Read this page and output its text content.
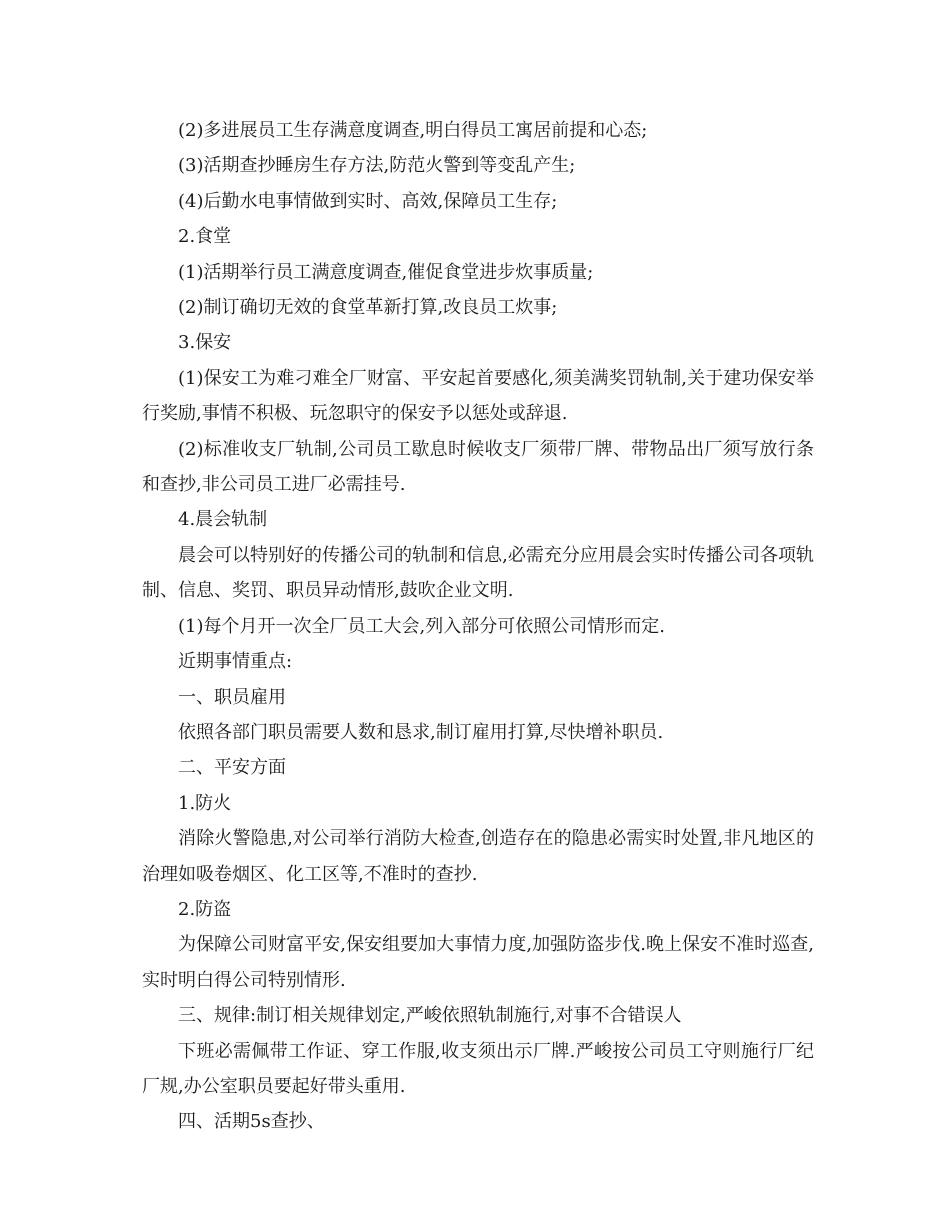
(2)多进展员工生存满意度调查,明白得员工寓居前提和心态;

(3)活期查抄睡房生存方法,防范火警到等变乱产生;

(4)后勤水电事情做到实时、高效,保障员工生存;

2.食堂

(1)活期举行员工满意度调查,催促食堂进步炊事质量;

(2)制订确切无效的食堂革新打算,改良员工炊事;

3.保安

(1)保安工为难刁难全厂财富、平安起首要感化,须美满奖罚轨制,关于建功保安举行奖励,事情不积极、玩忽职守的保安予以惩处或辞退.

(2)标准收支厂轨制,公司员工歇息时候收支厂须带厂牌、带物品出厂须写放行条和查抄,非公司员工进厂必需挂号.

4.晨会轨制

晨会可以特别好的传播公司的轨制和信息,必需充分应用晨会实时传播公司各项轨制、信息、奖罚、职员异动情形,鼓吹企业文明.

(1)每个月开一次全厂员工大会,列入部分可依照公司情形而定.

近期事情重点:

一、职员雇用

依照各部门职员需要人数和恳求,制订雇用打算,尽快增补职员.

二、平安方面

1.防火

消除火警隐患,对公司举行消防大检查,创造存在的隐患必需实时处置,非凡地区的治理如吸卷烟区、化工区等,不准时的查抄.

2.防盗

为保障公司财富平安,保安组要加大事情力度,加强防盗步伐.晚上保安不准时巡查,实时明白得公司特别情形.

三、规律:制订相关规律划定,严峻依照轨制施行,对事不合错误人

下班必需佩带工作证、穿工作服,收支须出示厂牌.严峻按公司员工守则施行厂纪厂规,办公室职员要起好带头重用.

四、活期5s查抄、
